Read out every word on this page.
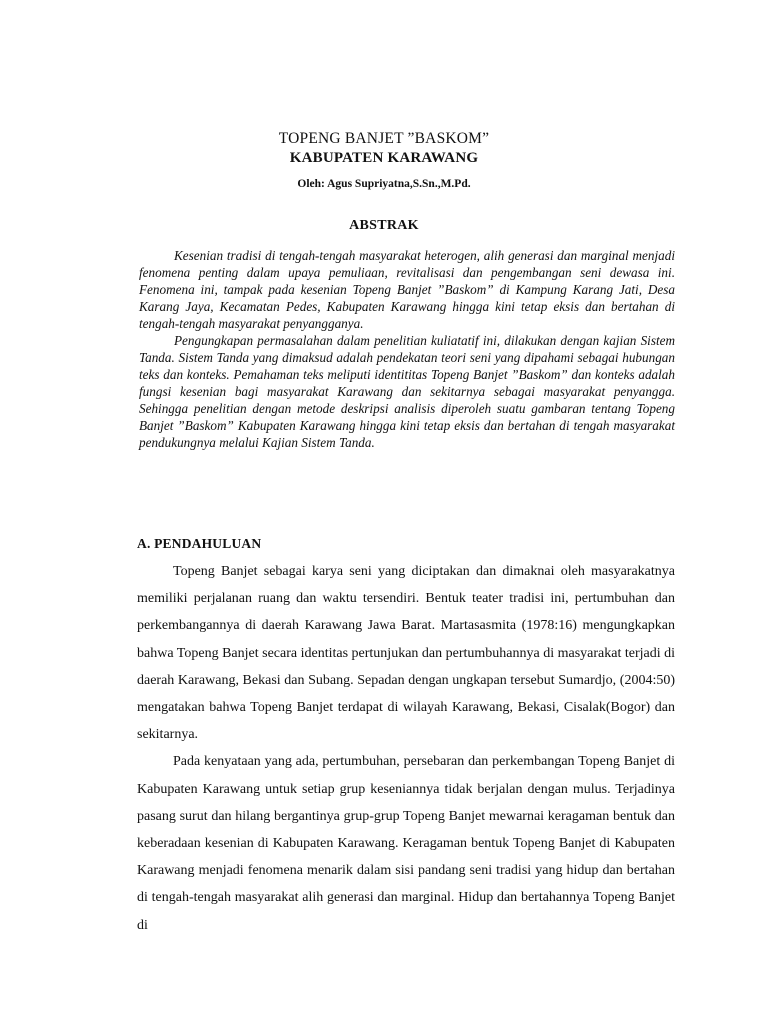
TOPENG BANJET ”BASKOM”
KABUPATEN KARAWANG
Oleh: Agus Supriyatna,S.Sn.,M.Pd.
ABSTRAK

Kesenian tradisi di tengah-tengah masyarakat heterogen, alih generasi dan marginal menjadi fenomena penting dalam upaya pemuliaan, revitalisasi dan pengembangan seni dewasa ini. Fenomena ini, tampak pada kesenian Topeng Banjet ”Baskom” di Kampung Karang Jati, Desa Karang Jaya, Kecamatan Pedes, Kabupaten Karawang hingga kini tetap eksis dan bertahan di tengah-tengah masyarakat penyangganya.

Pengungkapan permasalahan dalam penelitian kuliatatif ini, dilakukan dengan kajian Sistem Tanda. Sistem Tanda yang dimaksud adalah pendekatan teori seni yang dipahami sebagai hubungan teks dan konteks. Pemahaman teks meliputi identititas Topeng Banjet ”Baskom” dan konteks adalah fungsi kesenian bagi masyarakat Karawang dan sekitarnya sebagai masyarakat penyangga. Sehingga penelitian dengan metode deskripsi analisis diperoleh suatu gambaran tentang Topeng Banjet ”Baskom” Kabupaten Karawang hingga kini tetap eksis dan bertahan di tengah masyarakat pendukungnya melalui Kajian Sistem Tanda.

A. PENDAHULUAN

Topeng Banjet sebagai karya seni yang diciptakan dan dimaknai oleh masyarakatnya memiliki perjalanan ruang dan waktu tersendiri. Bentuk teater tradisi ini, pertumbuhan dan perkembangannya di daerah Karawang Jawa Barat. Martasasmita (1978:16) mengungkapkan bahwa Topeng Banjet secara identitas pertunjukan dan pertumbuhannya di masyarakat terjadi di daerah Karawang, Bekasi dan Subang. Sepadan dengan ungkapan tersebut Sumardjo, (2004:50) mengatakan bahwa Topeng Banjet terdapat di wilayah Karawang, Bekasi, Cisalak(Bogor) dan sekitarnya.

Pada kenyataan yang ada, pertumbuhan, persebaran dan perkembangan Topeng Banjet di Kabupaten Karawang untuk setiap grup keseniannya tidak berjalan dengan mulus. Terjadinya pasang surut dan hilang bergantinya grup-grup Topeng Banjet mewarnai keragaman bentuk dan keberadaan kesenian di Kabupaten Karawang. Keragaman bentuk Topeng Banjet di Kabupaten Karawang menjadi fenomena menarik dalam sisi pandang seni tradisi yang hidup dan bertahan di tengah-tengah masyarakat alih generasi dan marginal. Hidup dan bertahannya Topeng Banjet di
